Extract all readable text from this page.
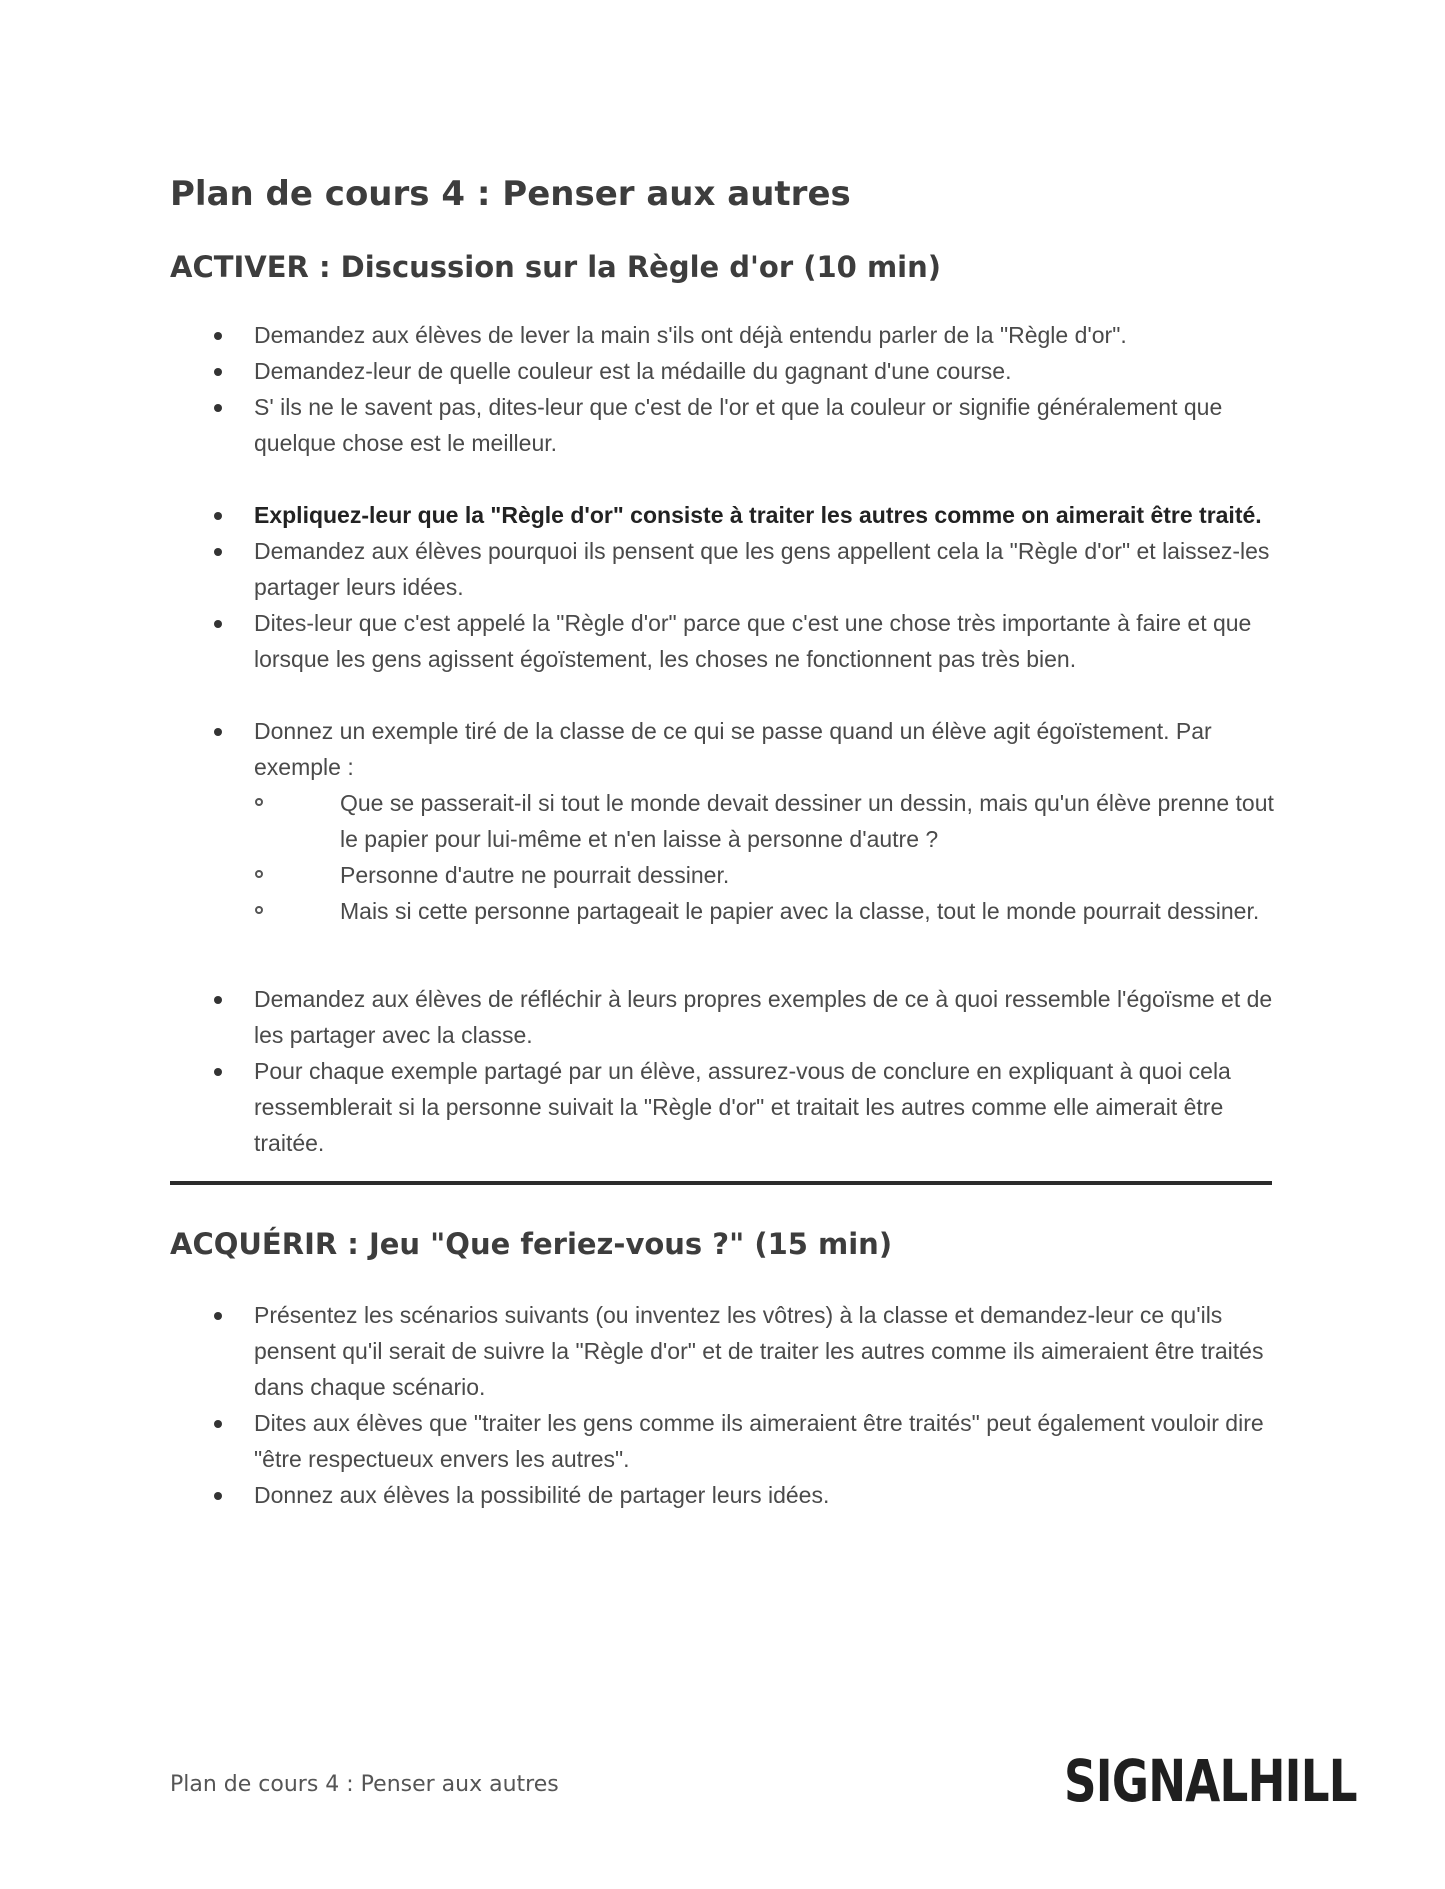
Plan de cours 4 : Penser aux autres
ACTIVER : Discussion sur la Règle d'or (10 min)
Demandez aux élèves de lever la main s'ils ont déjà entendu parler de la "Règle d'or".
Demandez-leur de quelle couleur est la médaille du gagnant d'une course.
S' ils ne le savent pas, dites-leur que c'est de l'or et que la couleur or signifie généralement que quelque chose est le meilleur.
Expliquez-leur que la "Règle d'or" consiste à traiter les autres comme on aimerait être traité.
Demandez aux élèves pourquoi ils pensent que les gens appellent cela la "Règle d'or" et laissez-les partager leurs idées.
Dites-leur que c'est appelé la "Règle d'or" parce que c'est une chose très importante à faire et que lorsque les gens agissent égoïstement, les choses ne fonctionnent pas très bien.
Donnez un exemple tiré de la classe de ce qui se passe quand un élève agit égoïstement. Par exemple :
Que se passerait-il si tout le monde devait dessiner un dessin, mais qu'un élève prenne tout le papier pour lui-même et n'en laisse à personne d'autre ?
Personne d'autre ne pourrait dessiner.
Mais si cette personne partageait le papier avec la classe, tout le monde pourrait dessiner.
Demandez aux élèves de réfléchir à leurs propres exemples de ce à quoi ressemble l'égoïsme et de les partager avec la classe.
Pour chaque exemple partagé par un élève, assurez-vous de conclure en expliquant à quoi cela ressemblerait si la personne suivait la "Règle d'or" et traitait les autres comme elle aimerait être traitée.
ACQUÉRIR : Jeu "Que feriez-vous ?" (15 min)
Présentez les scénarios suivants (ou inventez les vôtres) à la classe et demandez-leur ce qu'ils pensent qu'il serait de suivre la "Règle d'or" et de traiter les autres comme ils aimeraient être traités dans chaque scénario.
Dites aux élèves que "traiter les gens comme ils aimeraient être traités" peut également vouloir dire "être respectueux envers les autres".
Donnez aux élèves la possibilité de partager leurs idées.
Plan de cours 4 : Penser aux autres	SIGNALHILL
